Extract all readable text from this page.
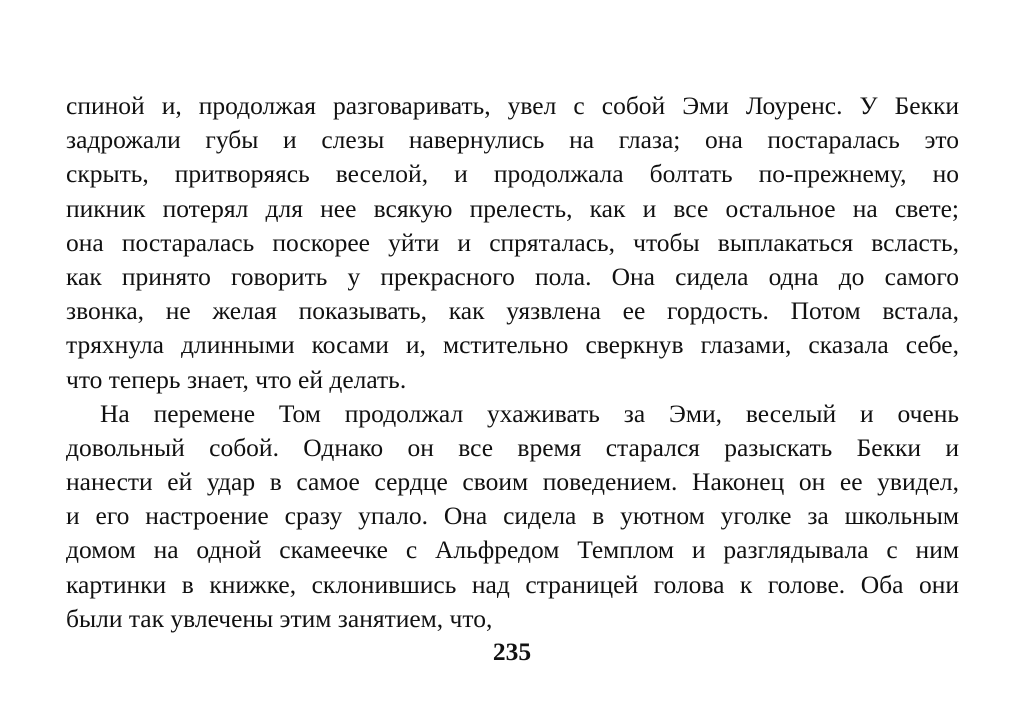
спиной и, продолжая разговаривать, увел с собой Эми Лоуренс. У Бекки
задрожали губы и слезы навернулись на глаза; она постаралась это
скрыть, притворяясь веселой, и продолжала болтать по-прежнему, но
пикник потерял для нее всякую прелесть, как и все остальное на свете;
она постаралась поскорее уйти и спряталась, чтобы выплакаться всласть,
как принято говорить у прекрасного пола. Она сидела одна до самого
звонка, не желая показывать, как уязвлена ее гордость. Потом встала,
тряхнула длинными косами и, мстительно сверкнув глазами, сказала себе,
что теперь знает, что ей делать.
На перемене Том продолжал ухаживать за Эми, веселый и очень
довольный собой. Однако он все время старался разыскать Бекки и
нанести ей удар в самое сердце своим поведением. Наконец он ее увидел,
и его настроение сразу упало. Она сидела в уютном уголке за школьным
домом на одной скамеечке с Альфредом Темплом и разглядывала с ним
картинки в книжке, склонившись над страницей голова к голове. Оба они
были так увлечены этим занятием, что,
235
